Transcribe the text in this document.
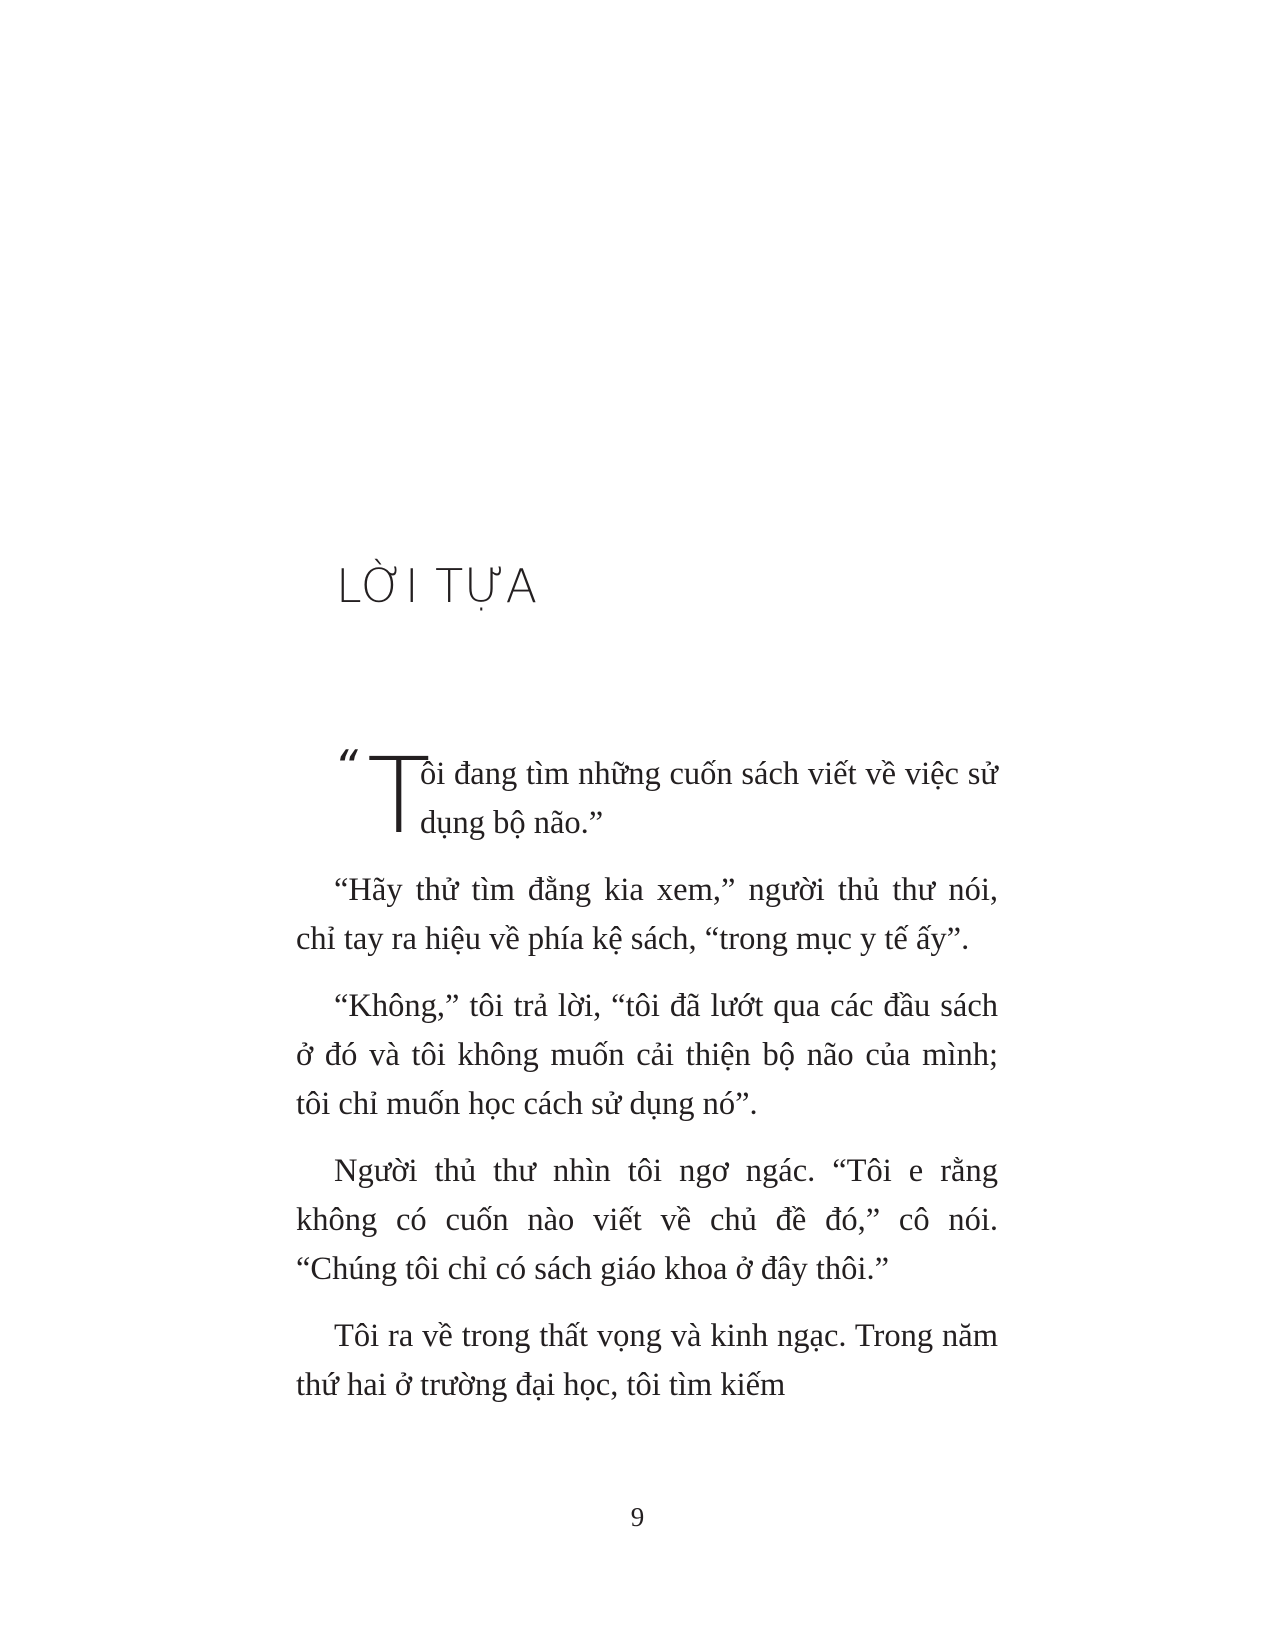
LỜI TỰA
“ T
ôi đang tìm những cuốn sách viết về việc sử dụng bộ não.”

“Hãy thử tìm đằng kia xem,” người thủ thư nói, chỉ tay ra hiệu về phía kệ sách, “trong mục y tế ấy”.

“Không,” tôi trả lời, “tôi đã lướt qua các đầu sách ở đó và tôi không muốn cải thiện bộ não của mình; tôi chỉ muốn học cách sử dụng nó”.

Người thủ thư nhìn tôi ngơ ngác. “Tôi e rằng không có cuốn nào viết về chủ đề đó,” cô nói. “Chúng tôi chỉ có sách giáo khoa ở đây thôi.”

Tôi ra về trong thất vọng và kinh ngạc. Trong năm thứ hai ở trường đại học, tôi tìm kiếm

9
